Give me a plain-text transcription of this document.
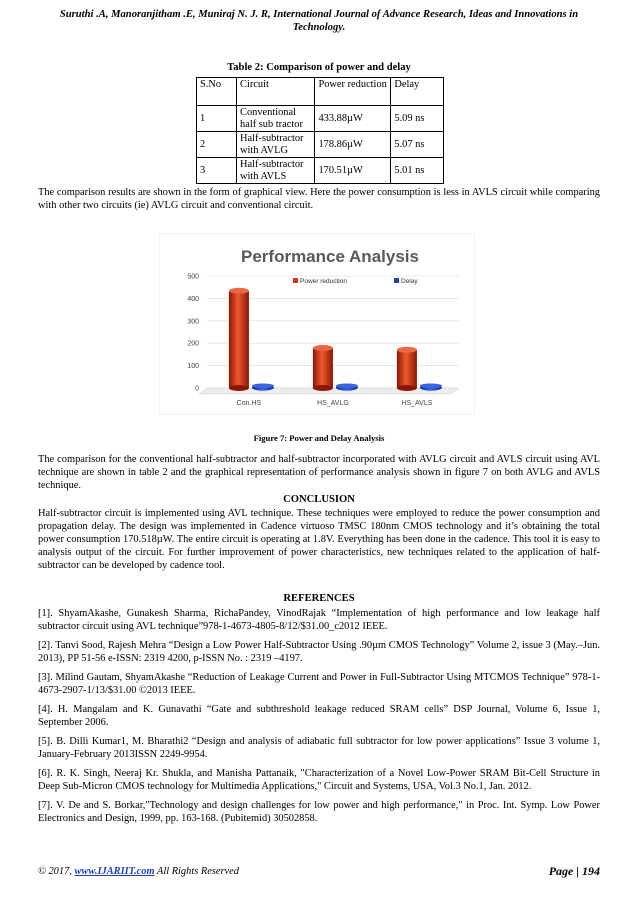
Suruthi .A, Manoranjitham .E, Muniraj N. J. R, International Journal of Advance Research, Ideas and Innovations in
Technology.
Table 2: Comparison of power and delay
S.No	Circuit	Power reduction	Delay
1	Conventional half sub tractor	433.88µW	5.09 ns
2	Half-subtractor with AVLG	178.86µW	5.07 ns
3	Half-subtractor with AVLS	170.51µW	5.01 ns

The comparison results are shown in the form of graphical view. Here the power consumption is less in AVLS circuit while comparing with other two circuits (ie) AVLG circuit and conventional circuit.

Performance Analysis
Power reduction	Delay
0
100
200
300
400
500
Con.HS	HS_AVLG	HS_AVLS
Figure 7: Power and Delay Analysis

The comparison for the conventional half-subtractor and half-subtractor incorporated with AVLG circuit and AVLS circuit using AVL technique are shown in table 2 and the graphical representation of performance analysis shown in figure 7 on both AVLG and AVLS technique.

CONCLUSION

Half-subtractor circuit is implemented using AVL technique. These techniques were employed to reduce the power consumption and propagation delay. The design was implemented in Cadence virtuoso TMSC 180nm CMOS technology and it’s obtaining the total power consumption 170.518µW. The entire circuit is operating at 1.8V. Everything has been done in the cadence. This tool it is easy to analysis output of the circuit. For further improvement of power characteristics, new techniques related to the application of half-subtractor can be developed by cadence tool.

REFERENCES

[1]. ShyamAkashe, Gunakesh Sharma, RichaPandey, VinodRajak “Implementation of high performance and low leakage half subtractor circuit using AVL technique”978-1-4673-4805-8/12/$31.00_c2012 IEEE.

[2]. Tanvi Sood, Rajesh Mehra “Design a Low Power Half-Subtractor Using .90µm CMOS Technology” Volume 2, issue 3 (May.–Jun. 2013), PP 51-56 e-ISSN: 2319 4200, p-ISSN No. : 2319 –4197.

[3]. Milind Gautam, ShyamAkashe “Reduction of Leakage Current and Power in Full-Subtractor Using MTCMOS Technique” 978-1-4673-2907-1/13/$31.00 ©2013 IEEE.

[4]. H. Mangalam and K. Gunavathi “Gate and subthreshold leakage reduced SRAM cells” DSP Journal, Volume 6, Issue 1, September 2006.

[5]. B. Dilli Kumar1, M. Bharathi2 “Design and analysis of adiabatic full subtractor for low power applications” Issue 3 volume 1, January-February 2013ISSN 2249-9954.

[6]. R. K. Singh, Neeraj Kr. Shukla, and Manisha Pattanaik, "Characterization of a Novel Low-Power SRAM Bit-Cell Structure in Deep Sub-Micron CMOS technology for Multimedia Applications," Circuit and Systems, USA, Vol.3 No.1, Jan. 2012.

[7]. V. De and S. Borkar,"Technology and design challenges for low power and high performance," in Proc. Int. Symp. Low Power Electronics and Design, 1999, pp. 163-168. (Pubitemid) 30502858.

© 2017, www.IJARIIT.com All Rights Reserved	Page | 194
